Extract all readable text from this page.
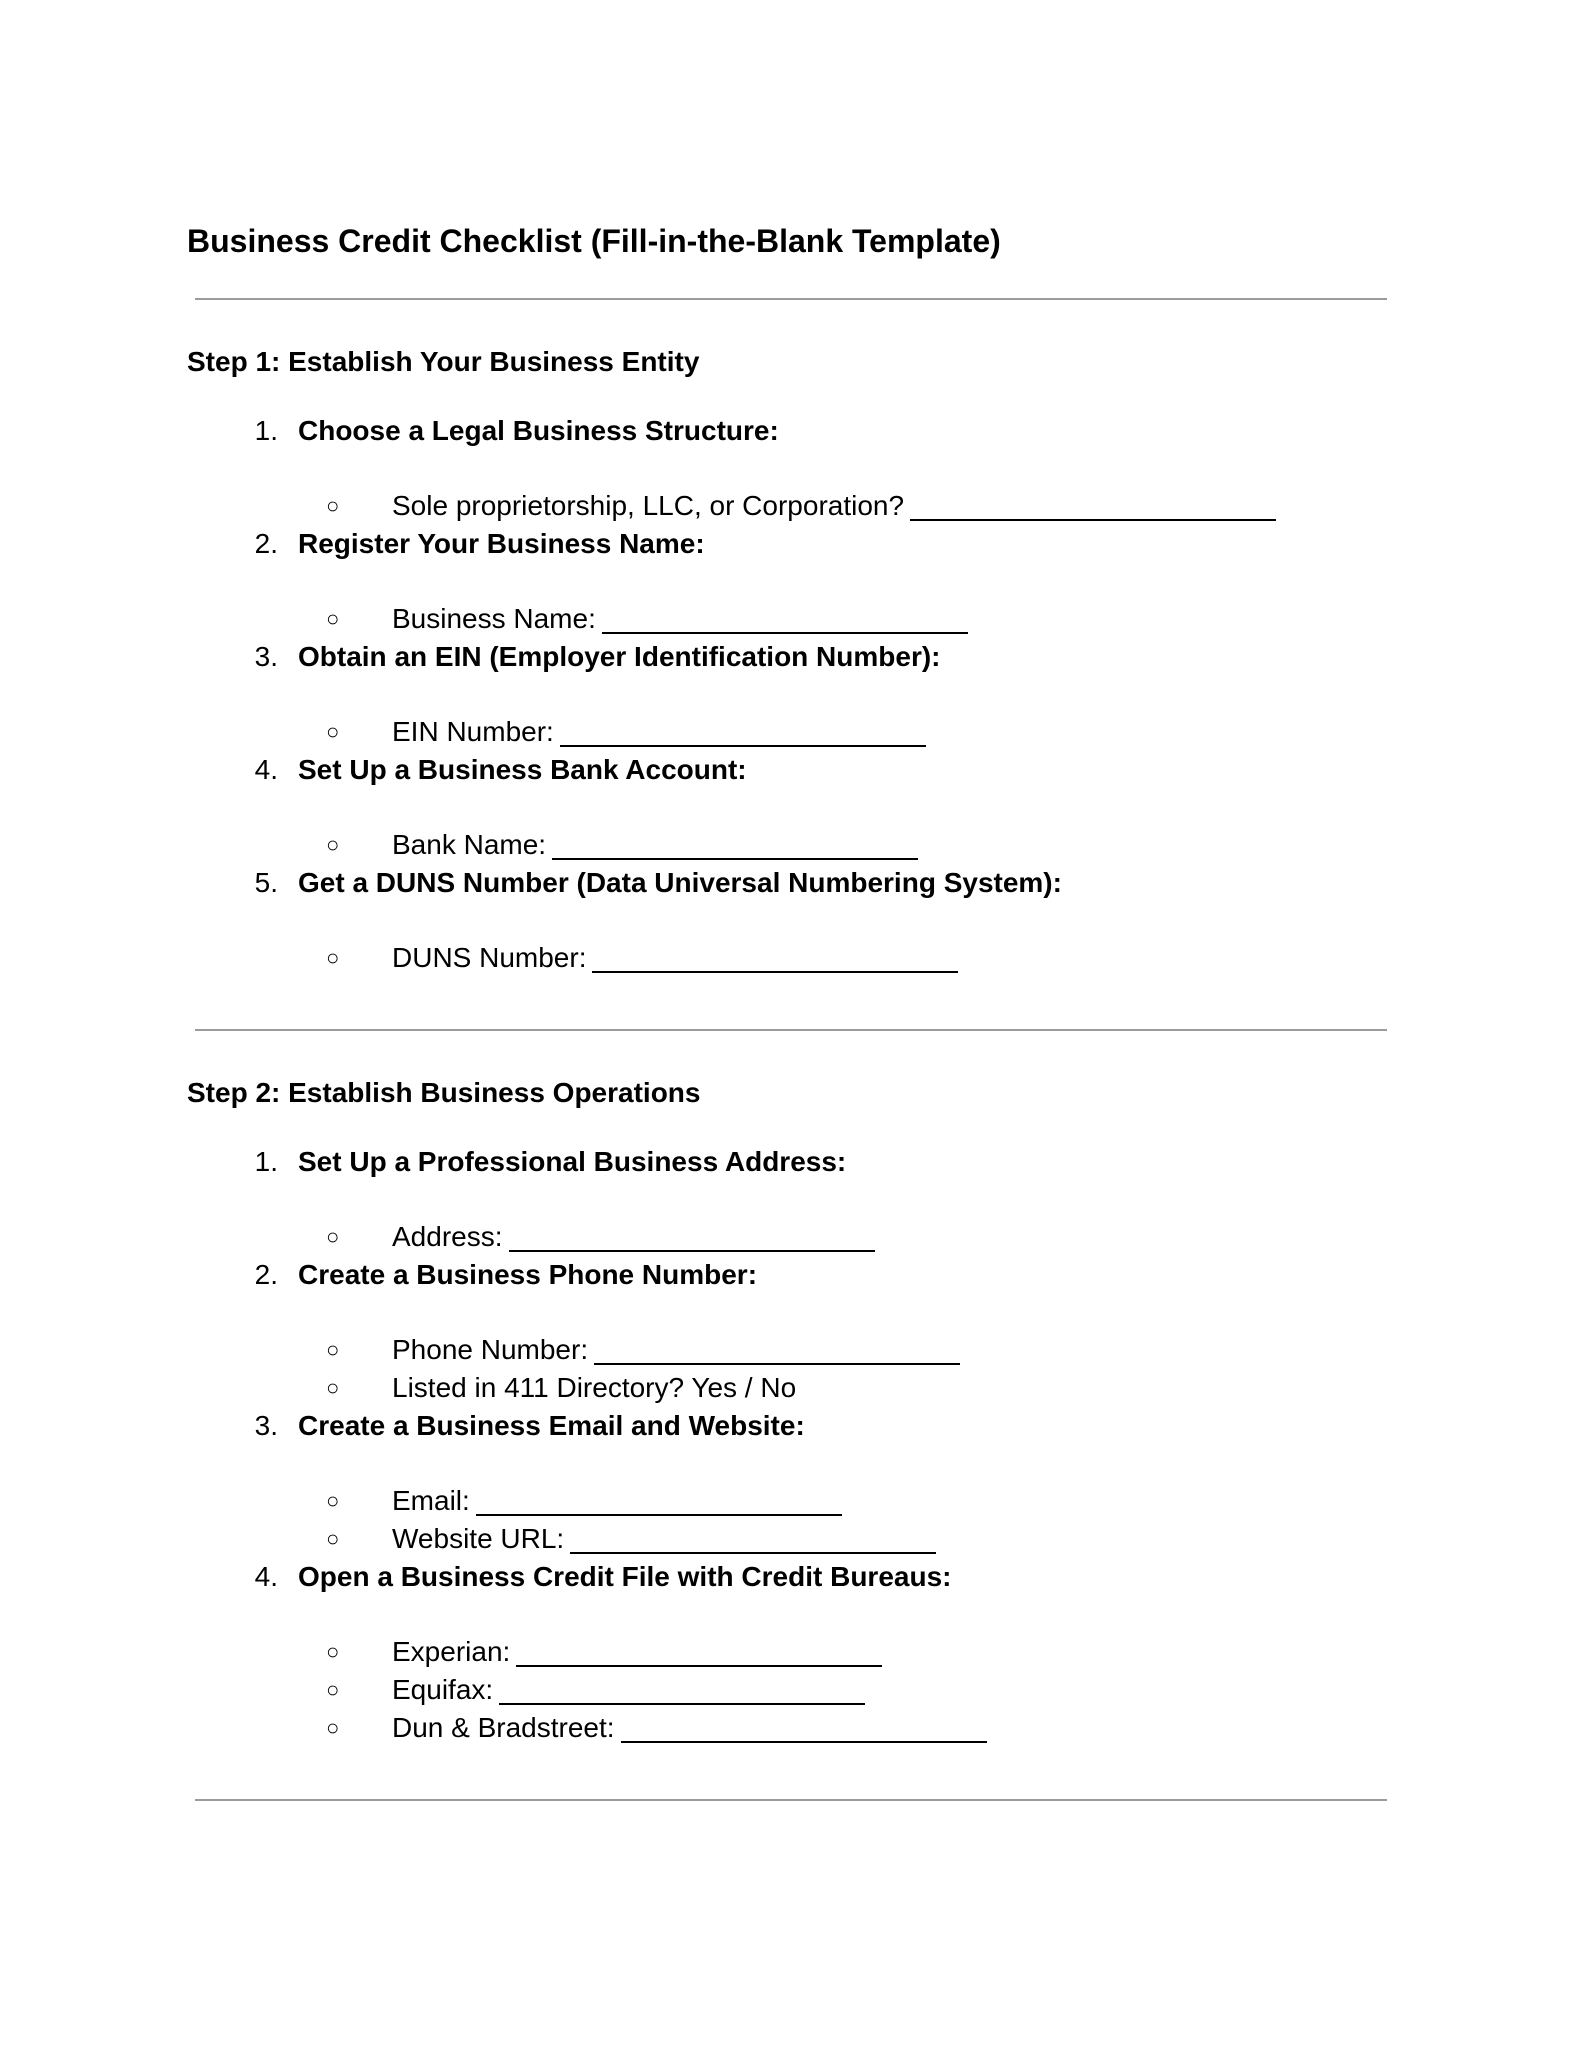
Business Credit Checklist (Fill-in-the-Blank Template)
Step 1: Establish Your Business Entity
1. Choose a Legal Business Structure:
○ Sole proprietorship, LLC, or Corporation?
2. Register Your Business Name:
○ Business Name:
3. Obtain an EIN (Employer Identification Number):
○ EIN Number:
4. Set Up a Business Bank Account:
○ Bank Name:
5. Get a DUNS Number (Data Universal Numbering System):
○ DUNS Number:
Step 2: Establish Business Operations
1. Set Up a Professional Business Address:
○ Address:
2. Create a Business Phone Number:
○ Phone Number:
○ Listed in 411 Directory? Yes / No
3. Create a Business Email and Website:
○ Email:
○ Website URL:
4. Open a Business Credit File with Credit Bureaus:
○ Experian:
○ Equifax:
○ Dun & Bradstreet:
